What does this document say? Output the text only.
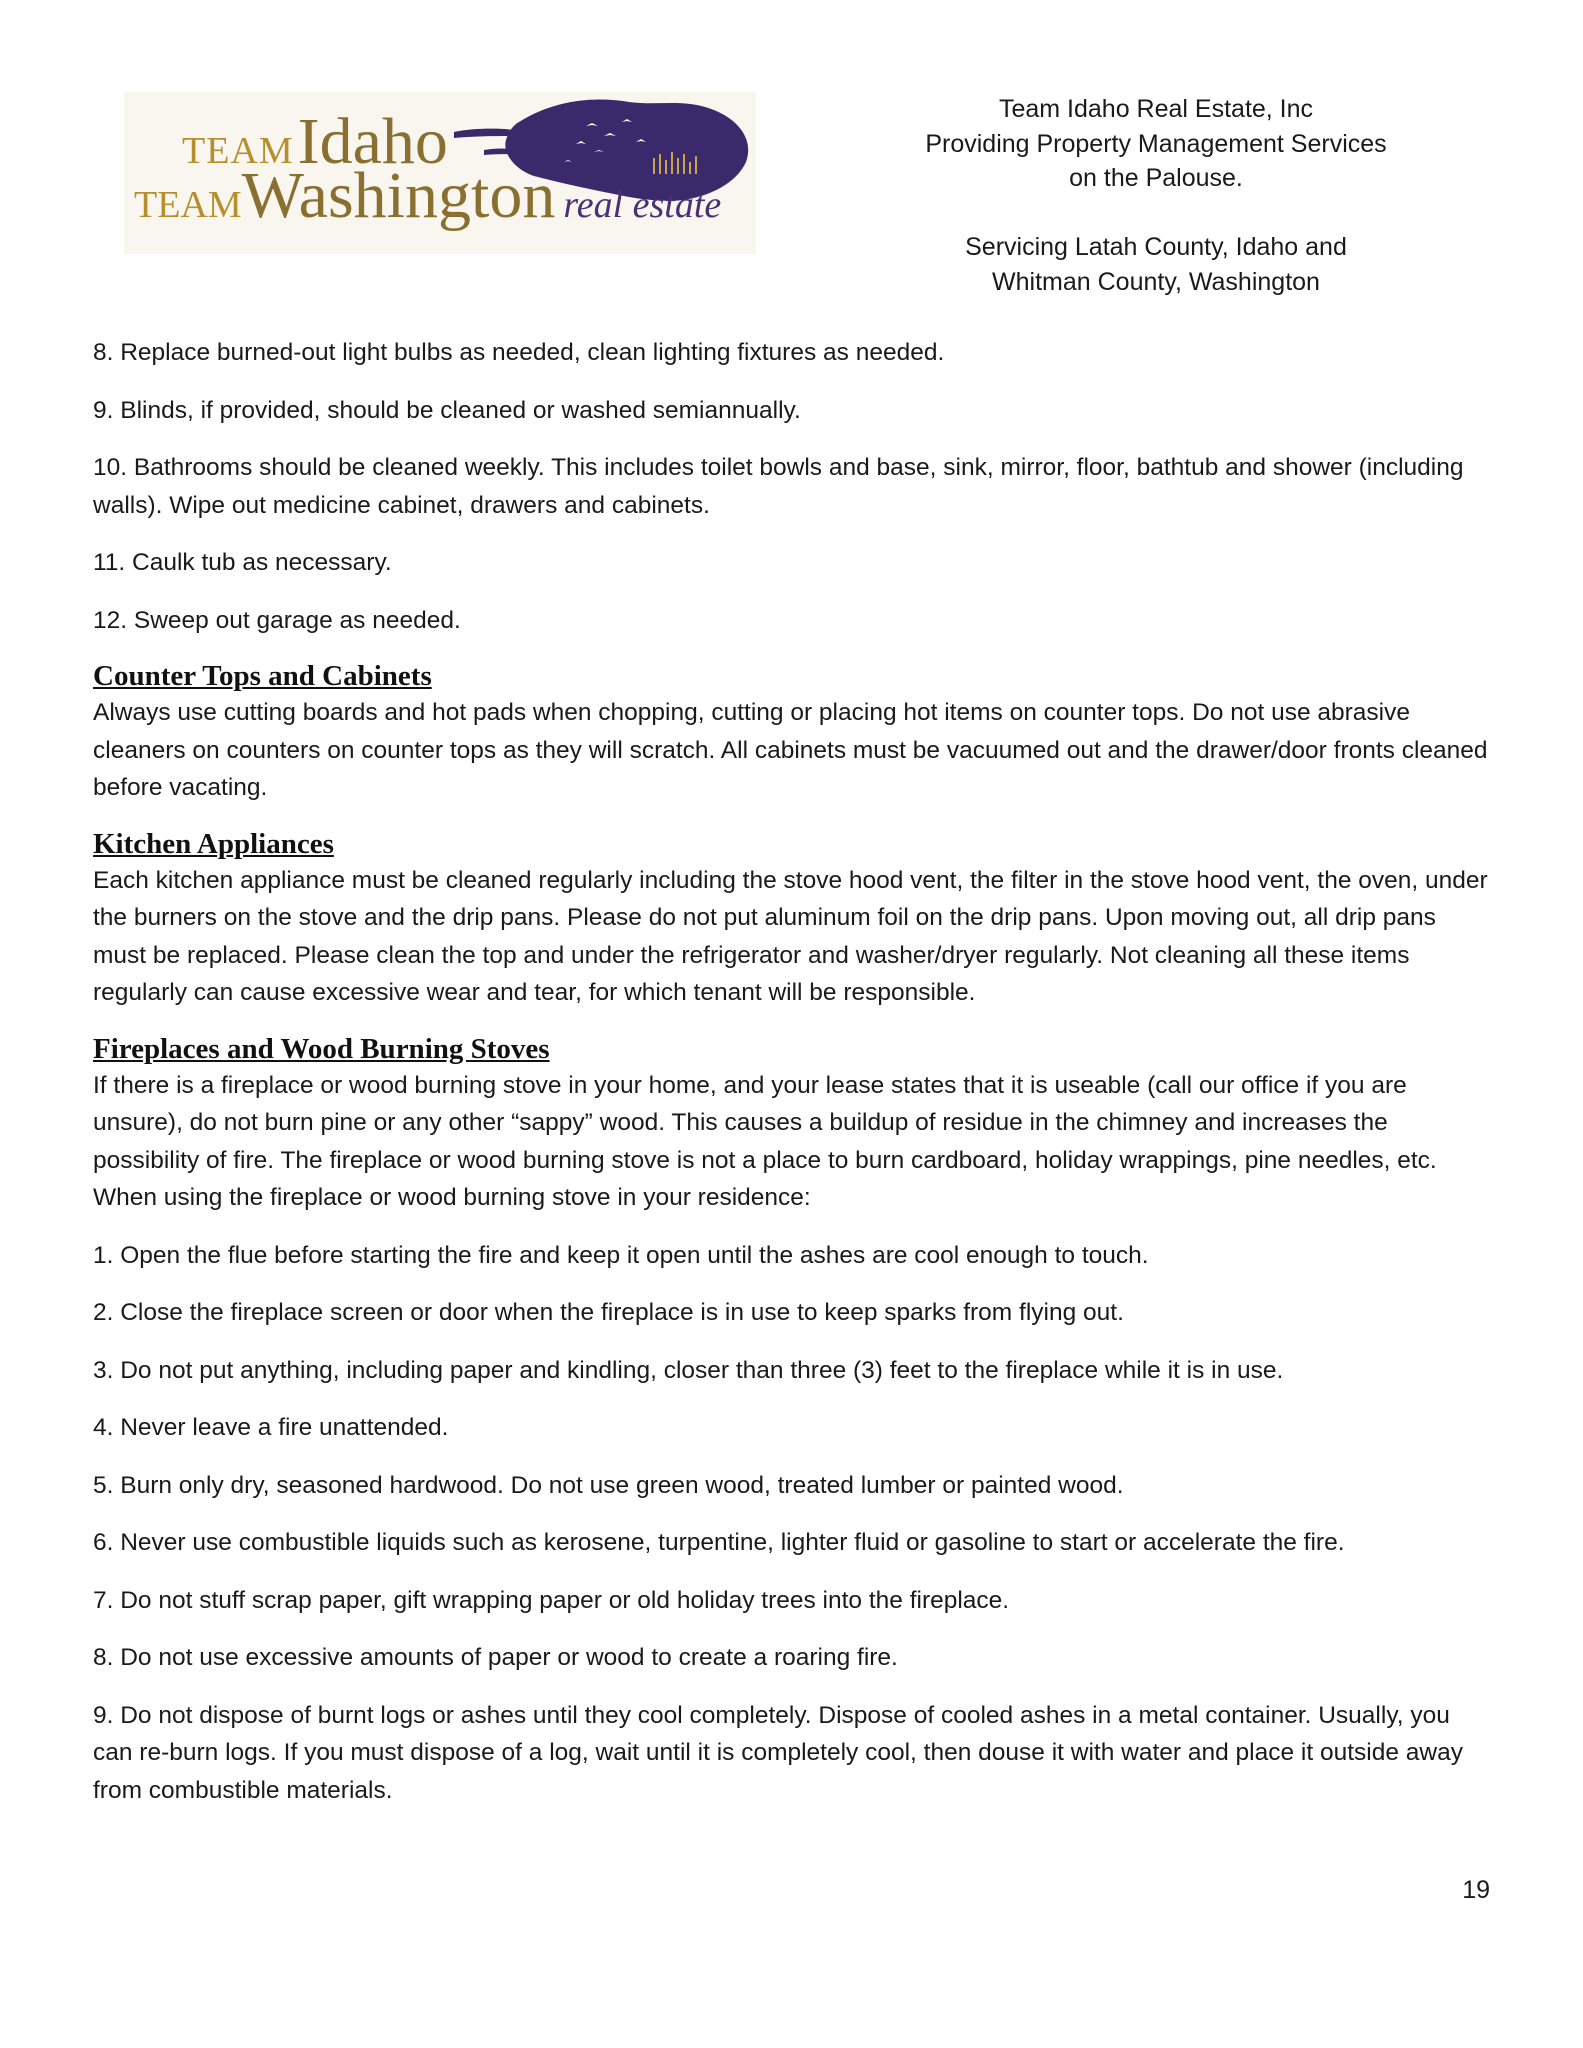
TEAM Idaho
TEAMWashington real estate
Team Idaho Real Estate, Inc
Providing Property Management Services
on the Palouse.
Servicing Latah County, Idaho and
Whitman County, Washington

8. Replace burned-out light bulbs as needed, clean lighting fixtures as needed.

9. Blinds, if provided, should be cleaned or washed semiannually.

10. Bathrooms should be cleaned weekly. This includes toilet bowls and base, sink, mirror, floor, bathtub and shower (including walls). Wipe out medicine cabinet, drawers and cabinets.

11. Caulk tub as necessary.

12. Sweep out garage as needed.

Counter Tops and Cabinets

Always use cutting boards and hot pads when chopping, cutting or placing hot items on counter tops. Do not use abrasive cleaners on counters on counter tops as they will scratch. All cabinets must be vacuumed out and the drawer/door fronts cleaned before vacating.

Kitchen Appliances

Each kitchen appliance must be cleaned regularly including the stove hood vent, the filter in the stove hood vent, the oven, under the burners on the stove and the drip pans. Please do not put aluminum foil on the drip pans. Upon moving out, all drip pans must be replaced. Please clean the top and under the refrigerator and washer/dryer regularly. Not cleaning all these items regularly can cause excessive wear and tear, for which tenant will be responsible.

Fireplaces and Wood Burning Stoves

If there is a fireplace or wood burning stove in your home, and your lease states that it is useable (call our office if you are unsure), do not burn pine or any other “sappy” wood. This causes a buildup of residue in the chimney and increases the possibility of fire. The fireplace or wood burning stove is not a place to burn cardboard, holiday wrappings, pine needles, etc. When using the fireplace or wood burning stove in your residence:

1. Open the flue before starting the fire and keep it open until the ashes are cool enough to touch.

2. Close the fireplace screen or door when the fireplace is in use to keep sparks from flying out.

3. Do not put anything, including paper and kindling, closer than three (3) feet to the fireplace while it is in use.

4. Never leave a fire unattended.

5. Burn only dry, seasoned hardwood. Do not use green wood, treated lumber or painted wood.

6. Never use combustible liquids such as kerosene, turpentine, lighter fluid or gasoline to start or accelerate the fire.

7. Do not stuff scrap paper, gift wrapping paper or old holiday trees into the fireplace.

8. Do not use excessive amounts of paper or wood to create a roaring fire.

9. Do not dispose of burnt logs or ashes until they cool completely. Dispose of cooled ashes in a metal container. Usually, you can re-burn logs. If you must dispose of a log, wait until it is completely cool, then douse it with water and place it outside away from combustible materials.

19
